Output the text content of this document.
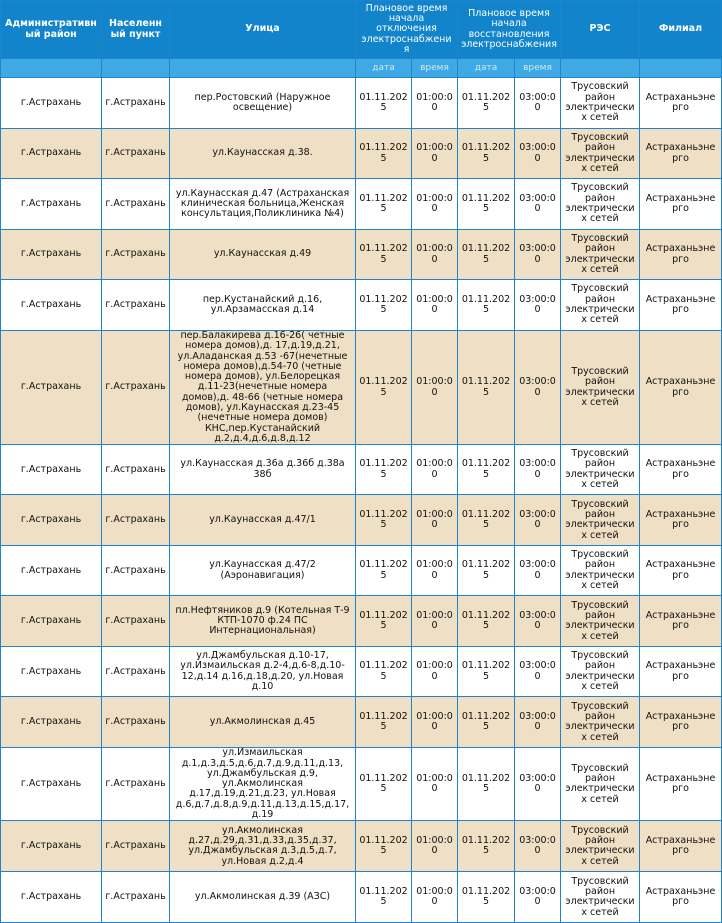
Административный район	Населенный пункт	Улица	Плановое время начала отключения электроснабжения		Плановое время начала восстановления электроснабжения		РЭС	Филиал
			дата	время	дата	время		
г.Астрахань	г.Астрахань	пер.Ростовский (Наружное освещение)	01.11.2025	01:00:00	01.11.2025	03:00:00	Трусовский район электрических сетей	Астраханьэнерго
г.Астрахань	г.Астрахань	ул.Каунасская д.38.	01.11.2025	01:00:00	01.11.2025	03:00:00	Трусовский район электрических сетей	Астраханьэнерго
г.Астрахань	г.Астрахань	ул.Каунасская д.47 (Астраханская клиническая больница,Женская консультация,Поликлиника №4)	01.11.2025	01:00:00	01.11.2025	03:00:00	Трусовский район электрических сетей	Астраханьэнерго
г.Астрахань	г.Астрахань	ул.Каунасская д.49	01.11.2025	01:00:00	01.11.2025	03:00:00	Трусовский район электрических сетей	Астраханьэнерго
г.Астрахань	г.Астрахань	пер.Кустанайский д.16, ул.Арзамасская д.14	01.11.2025	01:00:00	01.11.2025	03:00:00	Трусовский район электрических сетей	Астраханьэнерго
г.Астрахань	г.Астрахань	пер.Балакирева д.16-26( четные номера домов),д. 17,д.19,д.21, ул.Аладанская д.53 -67(нечетные номера домов),д.54-70 (четные номера домов), ул.Белорецкая д.11-23(нечетные номера домов),д. 48-66 (четные номера домов), ул.Каунасская д.23-45 (нечетные номера домов) КНС,пер.Кустанайский д.2,д.4,д.6,д.8,д.12	01.11.2025	01:00:00	01.11.2025	03:00:00	Трусовский район электрических сетей	Астраханьэнерго
г.Астрахань	г.Астрахань	ул.Каунасская д.36а д.36б д.38а 38б	01.11.2025	01:00:00	01.11.2025	03:00:00	Трусовский район электрических сетей	Астраханьэнерго
г.Астрахань	г.Астрахань	ул.Каунасская д.47/1	01.11.2025	01:00:00	01.11.2025	03:00:00	Трусовский район электрических сетей	Астраханьэнерго
г.Астрахань	г.Астрахань	ул.Каунасская д.47/2 (Аэронавигация)	01.11.2025	01:00:00	01.11.2025	03:00:00	Трусовский район электрических сетей	Астраханьэнерго
г.Астрахань	г.Астрахань	пл.Нефтяников д.9 (Котельная Т-9 КТП-1070 ф.24 ПС Интернациональная)	01.11.2025	01:00:00	01.11.2025	03:00:00	Трусовский район электрических сетей	Астраханьэнерго
г.Астрахань	г.Астрахань	ул.Джамбульская д.10-17, ул.Измаильская д.2-4,д.6-8,д.10-12,д.14 д.16,д.18,д.20, ул.Новая д.10	01.11.2025	01:00:00	01.11.2025	03:00:00	Трусовский район электрических сетей	Астраханьэнерго
г.Астрахань	г.Астрахань	ул.Акмолинская д.45	01.11.2025	01:00:00	01.11.2025	03:00:00	Трусовский район электрических сетей	Астраханьэнерго
г.Астрахань	г.Астрахань	ул.Измаильская д.1,д.3,д.5,д.6,д.7,д.9,д.11,д.13, ул.Джамбульская д.9, ул.Акмолинская д.17,д.19,д.21,д.23, ул.Новая д.6,д.7,д.8,д.9,д.11,д.13,д.15,д.17,д.19	01.11.2025	01:00:00	01.11.2025	03:00:00	Трусовский район электрических сетей	Астраханьэнерго
г.Астрахань	г.Астрахань	ул.Акмолинская д.27,д.29,д.31,д.33,д.35,д.37, ул.Джамбульская д.3,д.5,д.7, ул.Новая д.2,д.4	01.11.2025	01:00:00	01.11.2025	03:00:00	Трусовский район электрических сетей	Астраханьэнерго
г.Астрахань	г.Астрахань	ул.Акмолинская д.39 (АЗС)	01.11.2025	01:00:00	01.11.2025	03:00:00	Трусовский район электрических сетей	Астраханьэнерго
